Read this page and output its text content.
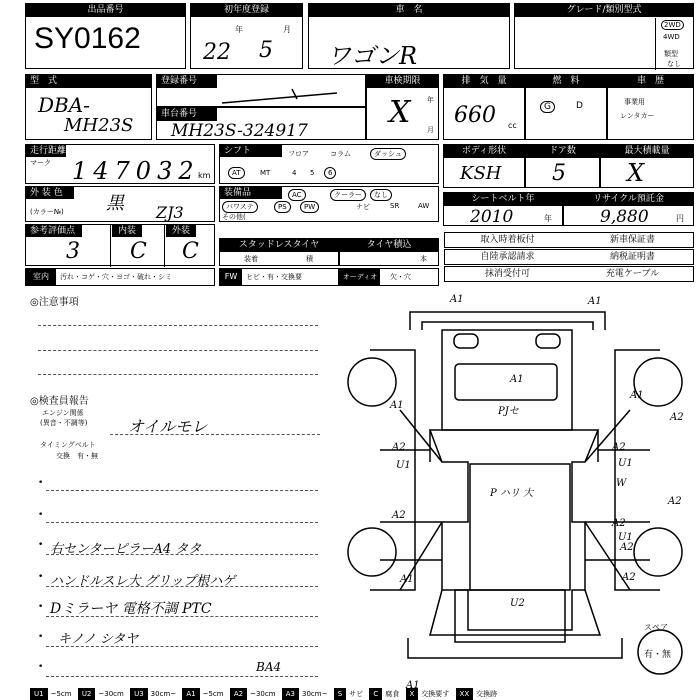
出品番号
SY0162
初年度登録
年	月
22 5
車　名
ワゴンR
グレード/類別型式
2WD
4WD
類型
なし
型　式
DBA-
MH23S
登録番号
車台番号
MH23S-324917
車検期限
年
月
X
排　気　量
660 cc
燃　料
G	D
車　歴
事業用
レンタカー
走行距離
マーク 147032
km
シフト	フロア	コラム	ダッシュ
AT	MT	4 5	6
ボディ形状
KSH
ドア数
5
最大積載量
X
外 装 色
(カラー№) 黒 ZJ3
装備品	AC	クーラー	なし
パワステ	PS	PW	ナビ	SR	AW
その他(
シートベルト年
2010	年
リサイクル預託金
9,880	円
参考評価点	内装	外装
3 C C	スタッドレスタイヤ
装着	積
タイヤ積込
本
室内	汚れ・コゲ・穴・ヨゴ・破れ・シミ	FW	ヒビ・有・交換要	オーディオ	欠・穴
取入時着板付	新車保証書
自陸承認請求	納税証明書
抹消受付可	充電ケーブル
◎注意事項
◎検査員報告
エンジン関係
(異音・不調等)	オイルモレ
タイミングベルト
交換　有・無
•
•
• 右センターピラーA4 タタ
• ハンドルスレ大 グリップ根ハゲ
• Dミラーヤ 電格不調 PTC
• キノノ シタヤ
•	BA4
A1	A1
A1
A1
PJセ
A1
A2
U1
A2
U1
W
A2
P ハリ 大
A2
A2
U1
A2
A1
A2
U2
A1
A2
スペア
有・無
U1 ~5cm U2 ~30cm U3 30cm~ A1 ~5cm A2 ~30cm A3 30cm~ S サビ C 腐食 X 交換要す XX 交換跡
